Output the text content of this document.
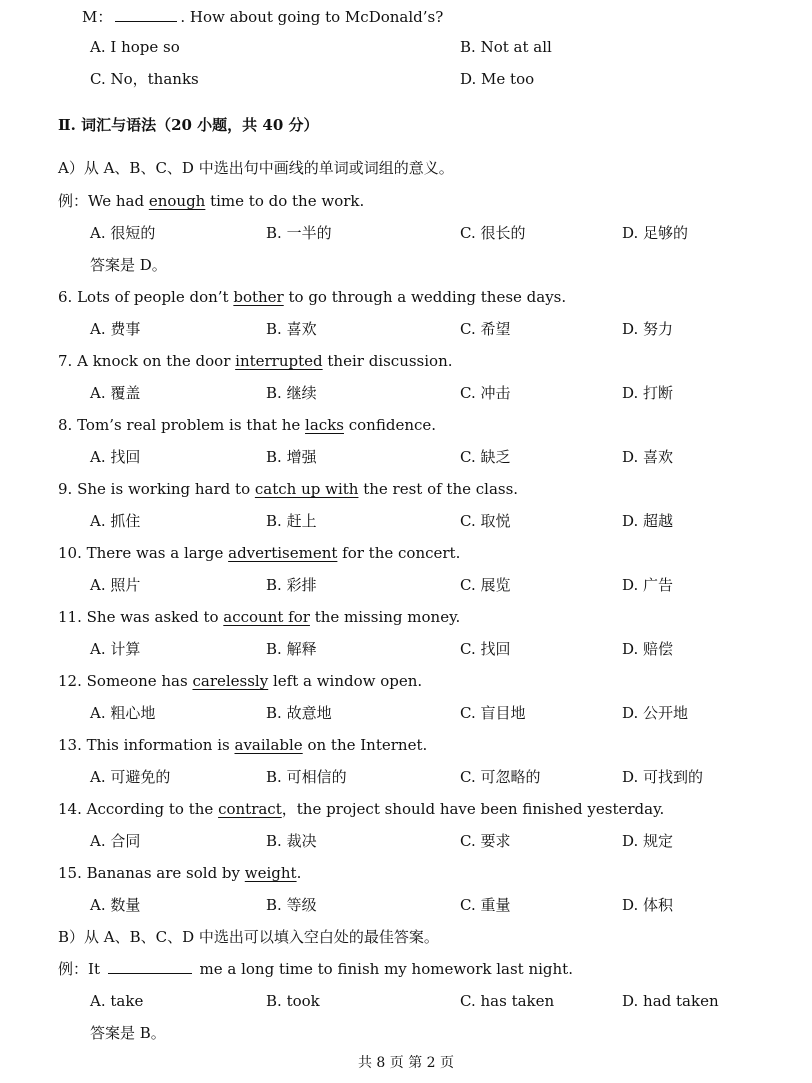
M：	. How about going to McDonald’s?
A. I hope so	B. Not at all
C. No，thanks	D. Me too
Ⅱ. 词汇与语法（20 小题，共 40 分）
A）从 A、B、C、D 中选出句中画线的单词或词组的意义。
例：We had enough time to do the work.
A. 很短的	B. 一半的	C. 很长的	D. 足够的
答案是 D。
6. Lots of people don’t bother to go through a wedding these days.
A. 费事	B. 喜欢	C. 希望	D. 努力
7. A knock on the door interrupted their discussion.
A. 覆盖	B. 继续	C. 冲击	D. 打断
8. Tom’s real problem is that he lacks confidence.
A. 找回	B. 增强	C. 缺乏	D. 喜欢
9. She is working hard to catch up with the rest of the class.
A. 抓住	B. 赶上	C. 取悦	D. 超越
10. There was a large advertisement for the concert.
A. 照片	B. 彩排	C. 展览	D. 广告
11. She was asked to account for the missing money.
A. 计算	B. 解释	C. 找回	D. 赔偿
12. Someone has carelessly left a window open.
A. 粗心地	B. 故意地	C. 盲目地	D. 公开地
13. This information is available on the Internet.
A. 可避免的	B. 可相信的	C. 可忽略的	D. 可找到的
14. According to the contract，the project should have been finished yesterday.
A. 合同	B. 裁决	C. 要求	D. 规定
15. Bananas are sold by weight.
A. 数量	B. 等级	C. 重量	D. 体积
B）从 A、B、C、D 中选出可以填入空白处的最佳答案。
例：It	me a long time to finish my homework last night.
A. take	B. took	C. has taken	D. had taken
答案是 B。
共 8 页 第 2 页
